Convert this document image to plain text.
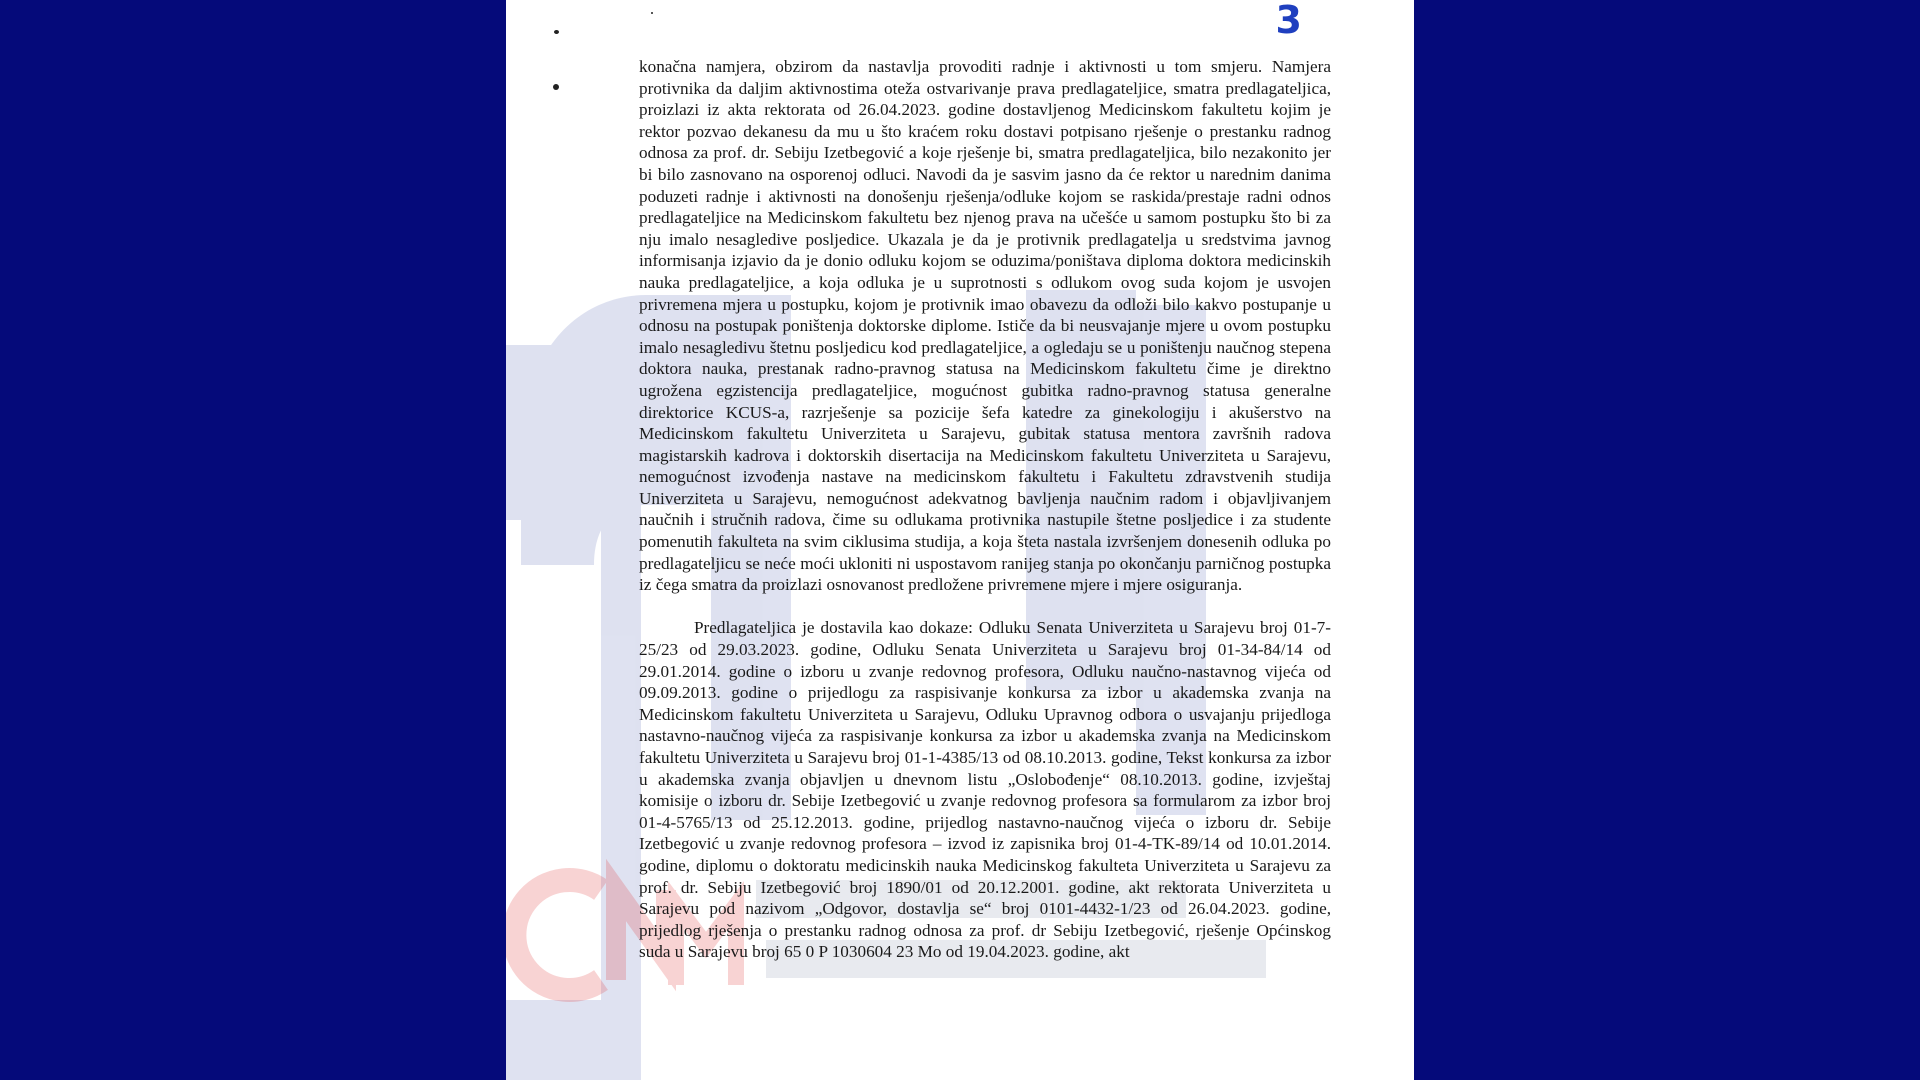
3

konačna namjera, obzirom da nastavlja provoditi radnje i aktivnosti u tom smjeru. Namjera protivnika da daljim aktivnostima oteža ostvarivanje prava predlagateljice, smatra predlagateljica, proizlazi iz akta rektorata od 26.04.2023. godine dostavljenog Medicinskom fakultetu kojim je rektor pozvao dekanesu da mu u što kraćem roku dostavi potpisano rješenje o prestanku radnog odnosa za prof. dr. Sebiju Izetbegović a koje rješenje bi, smatra predlagateljica, bilo nezakonito jer bi bilo zasnovano na osporenoj odluci. Navodi da je sasvim jasno da će rektor u narednim danima poduzeti radnje i aktivnosti na donošenju rješenja/odluke kojom se raskida/prestaje radni odnos predlagateljice na Medicinskom fakultetu bez njenog prava na učešće u samom postupku što bi za nju imalo nesagledive posljedice. Ukazala je da je protivnik predlagatelja u sredstvima javnog informisanja izjavio da je donio odluku kojom se oduzima/poništava diploma doktora medicinskih nauka predlagateljice, a koja odluka je u suprotnosti s odlukom ovog suda kojom je usvojen privremena mjera u postupku, kojom je protivnik imao obavezu da odloži bilo kakvo postupanje u odnosu na postupak poništenja doktorske diplome. Ističe da bi neusvajanje mjere u ovom postupku imalo nesagledivu štetnu posljedicu kod predlagateljice, a ogledaju se u poništenju naučnog stepena doktora nauka, prestanak radno-pravnog statusa na Medicinskom fakultetu čime je direktno ugrožena egzistencija predlagateljice, mogućnost gubitka radno-pravnog statusa generalne direktorice KCUS-a, razrješenje sa pozicije šefa katedre za ginekologiju i akušerstvo na Medicinskom fakultetu Univerziteta u Sarajevu, gubitak statusa mentora završnih radova magistarskih kadrova i doktorskih disertacija na Medicinskom fakultetu Univerziteta u Sarajevu, nemogućnost izvođenja nastave na medicinskom fakultetu i Fakultetu zdravstvenih studija Univerziteta u Sarajevu, nemogućnost adekvatnog bavljenja naučnim radom i objavljivanjem naučnih i stručnih radova, čime su odlukama protivnika nastupile štetne posljedice i za studente pomenutih fakulteta na svim ciklusima studija, a koja šteta nastala izvršenjem donesenih odluka po predlagateljicu se neće moći ukloniti ni uspostavom ranijeg stanja po okončanju parničnog postupka iz čega smatra da proizlazi osnovanost predložene privremene mjere i mjere osiguranja.

Predlagateljica je dostavila kao dokaze: Odluku Senata Univerziteta u Sarajevu broj 01-7-25/23 od 29.03.2023. godine, Odluku Senata Univerziteta u Sarajevu broj 01-34-84/14 od 29.01.2014. godine o izboru u zvanje redovnog profesora, Odluku naučno-nastavnog vijeća od 09.09.2013. godine o prijedlogu za raspisivanje konkursa za izbor u akademska zvanja na Medicinskom fakultetu Univerziteta u Sarajevu, Odluku Upravnog odbora o usvajanju prijedloga nastavno-naučnog vijeća za raspisivanje konkursa za izbor u akademska zvanja na Medicinskom fakultetu Univerziteta u Sarajevu broj 01-1-4385/13 od 08.10.2013. godine, Tekst konkursa za izbor u akademska zvanja objavljen u dnevnom listu „Oslobođenje“ 08.10.2013. godine, izvještaj komisije o izboru dr. Sebije Izetbegović u zvanje redovnog profesora sa formularom za izbor broj 01-4-5765/13 od 25.12.2013. godine, prijedlog nastavno-naučnog vijeća o izboru dr. Sebije Izetbegović u zvanje redovnog profesora – izvod iz zapisnika broj 01-4-TK-89/14 od 10.01.2014. godine, diplomu o doktoratu medicinskih nauka Medicinskog fakulteta Univerziteta u Sarajevu za prof. dr. Sebiju Izetbegović broj 1890/01 od 20.12.2001. godine, akt rektorata Univerziteta u Sarajevu pod nazivom „Odgovor, dostavlja se“ broj 0101-4432-1/23 od 26.04.2023. godine, prijedlog rješenja o prestanku radnog odnosa za prof. dr Sebiju Izetbegović, rješenje Općinskog suda u Sarajevu broj 65 0 P 1030604 23 Mo od 19.04.2023. godine, akt
